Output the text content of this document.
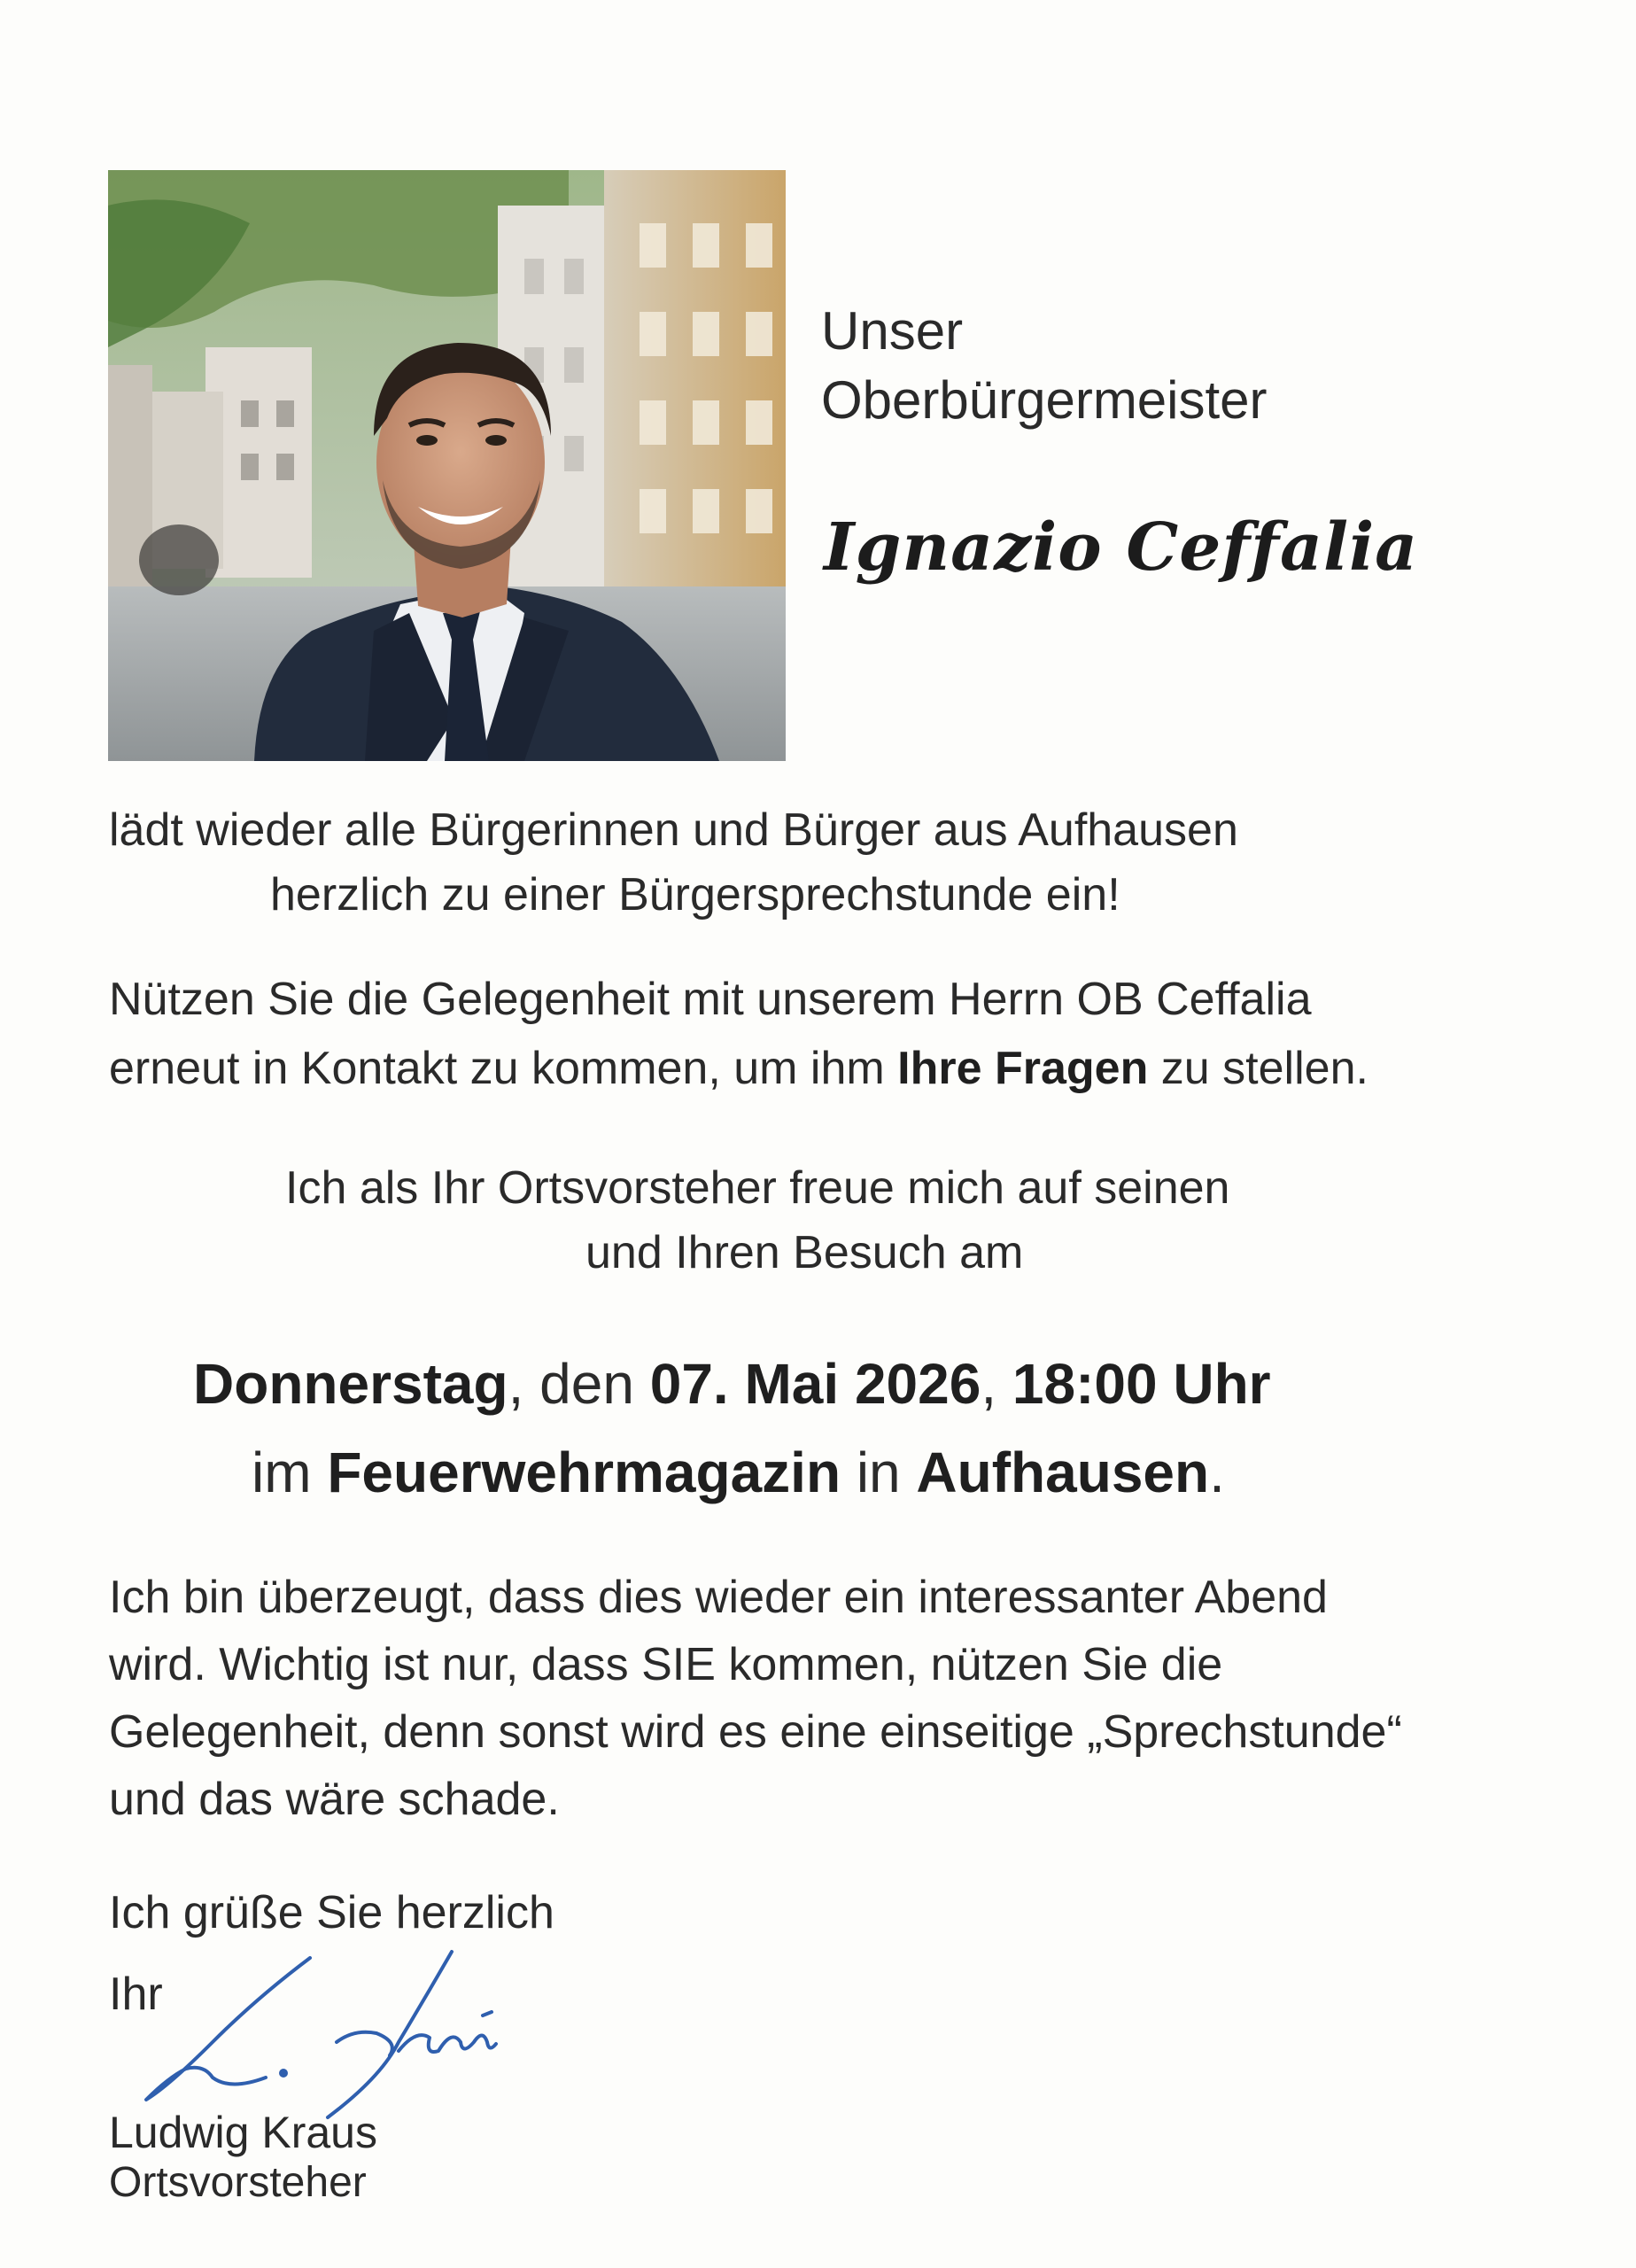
Unser
Oberbürgermeister
Ignazio Ceffalia
lädt wieder alle Bürgerinnen und Bürger aus Aufhausen
herzlich zu einer Bürgersprechstunde ein!
Nützen Sie die Gelegenheit mit unserem Herrn OB Ceffalia
erneut in Kontakt zu kommen, um ihm Ihre Fragen zu stellen.
Ich als Ihr Ortsvorsteher freue mich auf seinen
und Ihren Besuch am
Donnerstag, den 07. Mai 2026, 18:00 Uhr
im Feuerwehrmagazin in Aufhausen.
Ich bin überzeugt, dass dies wieder ein interessanter Abend
wird. Wichtig ist nur, dass SIE kommen, nützen Sie die
Gelegenheit, denn sonst wird es eine einseitige „Sprechstunde“
und das wäre schade.
Ich grüße Sie herzlich
Ihr
Ludwig Kraus
Ortsvorsteher
